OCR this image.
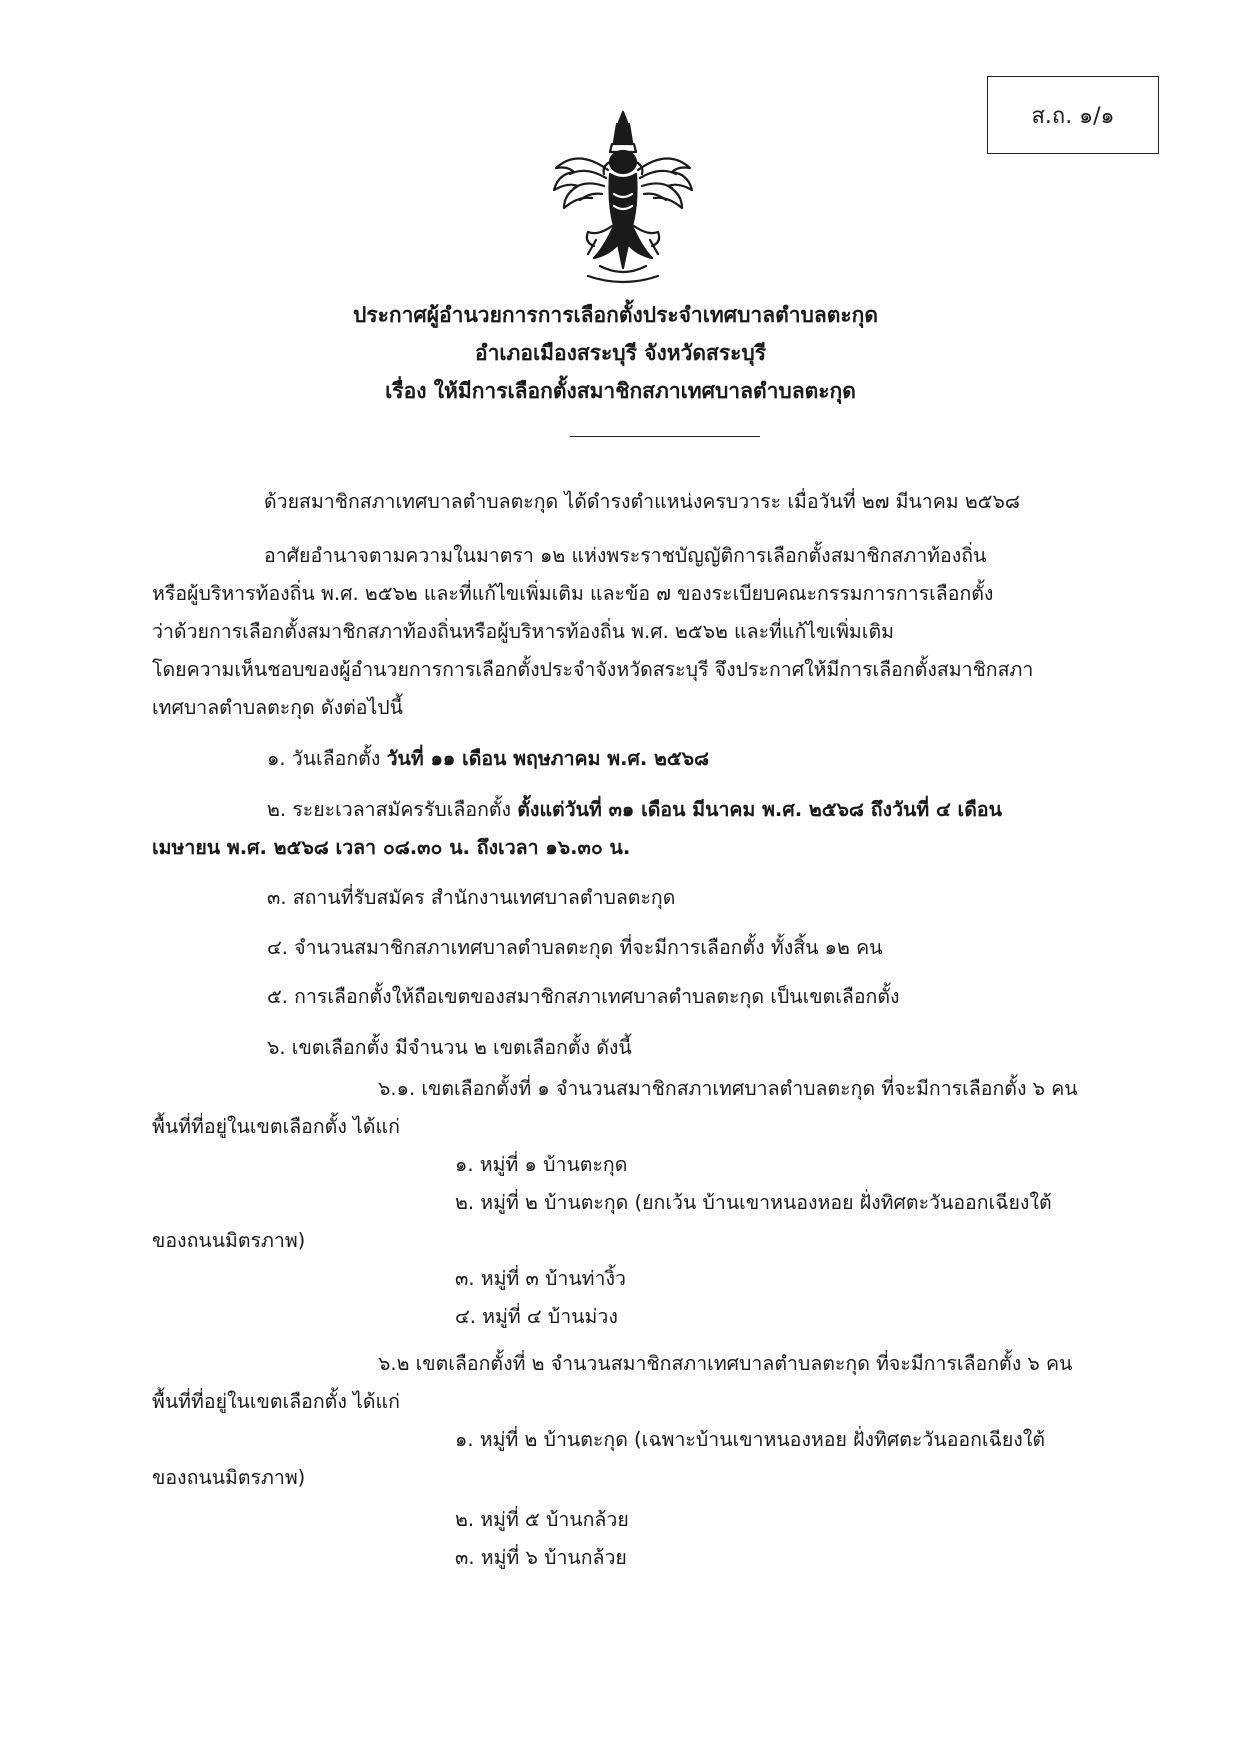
ส.ถ. ๑/๑
ประกาศผู้อำนวยการการเลือกตั้งประจำเทศบาลตำบลตะกุด
อำเภอเมืองสระบุรี จังหวัดสระบุรี
เรื่อง ให้มีการเลือกตั้งสมาชิกสภาเทศบาลตำบลตะกุด
ด้วยสมาชิกสภาเทศบาลตำบลตะกุด ได้ดำรงตำแหน่งครบวาระ เมื่อวันที่ ๒๗ มีนาคม ๒๕๖๘
อาศัยอำนาจตามความในมาตรา ๑๒ แห่งพระราชบัญญัติการเลือกตั้งสมาชิกสภาท้องถิ่น
หรือผู้บริหารท้องถิ่น พ.ศ. ๒๕๖๒ และที่แก้ไขเพิ่มเติม และข้อ ๗ ของระเบียบคณะกรรมการการเลือกตั้ง
ว่าด้วยการเลือกตั้งสมาชิกสภาท้องถิ่นหรือผู้บริหารท้องถิ่น พ.ศ. ๒๕๖๒ และที่แก้ไขเพิ่มเติม
โดยความเห็นชอบของผู้อำนวยการการเลือกตั้งประจำจังหวัดสระบุรี จึงประกาศให้มีการเลือกตั้งสมาชิกสภา
เทศบาลตำบลตะกุด ดังต่อไปนี้
๑. วันเลือกตั้ง วันที่ ๑๑ เดือน พฤษภาคม พ.ศ. ๒๕๖๘
๒. ระยะเวลาสมัครรับเลือกตั้ง ตั้งแต่วันที่ ๓๑ เดือน มีนาคม พ.ศ. ๒๕๖๘ ถึงวันที่ ๔ เดือน
เมษายน พ.ศ. ๒๕๖๘ เวลา ๐๘.๓๐ น. ถึงเวลา ๑๖.๓๐ น.
๓. สถานที่รับสมัคร สำนักงานเทศบาลตำบลตะกุด
๔. จำนวนสมาชิกสภาเทศบาลตำบลตะกุด ที่จะมีการเลือกตั้ง ทั้งสิ้น ๑๒ คน
๕. การเลือกตั้งให้ถือเขตของสมาชิกสภาเทศบาลตำบลตะกุด เป็นเขตเลือกตั้ง
๖. เขตเลือกตั้ง มีจำนวน ๒ เขตเลือกตั้ง ดังนี้
๖.๑. เขตเลือกตั้งที่ ๑ จำนวนสมาชิกสภาเทศบาลตำบลตะกุด ที่จะมีการเลือกตั้ง ๖ คน
พื้นที่ที่อยู่ในเขตเลือกตั้ง ได้แก่
๑. หมู่ที่ ๑ บ้านตะกุด
๒. หมู่ที่ ๒ บ้านตะกุด (ยกเว้น บ้านเขาหนองหอย ฝั่งทิศตะวันออกเฉียงใต้
ของถนนมิตรภาพ)
๓. หมู่ที่ ๓ บ้านท่างิ้ว
๔. หมู่ที่ ๔ บ้านม่วง
๖.๒ เขตเลือกตั้งที่ ๒ จำนวนสมาชิกสภาเทศบาลตำบลตะกุด ที่จะมีการเลือกตั้ง ๖ คน
พื้นที่ที่อยู่ในเขตเลือกตั้ง ได้แก่
๑. หมู่ที่ ๒ บ้านตะกุด (เฉพาะบ้านเขาหนองหอย ฝั่งทิศตะวันออกเฉียงใต้
ของถนนมิตรภาพ)
๒. หมู่ที่ ๕ บ้านกล้วย
๓. หมู่ที่ ๖ บ้านกล้วย
